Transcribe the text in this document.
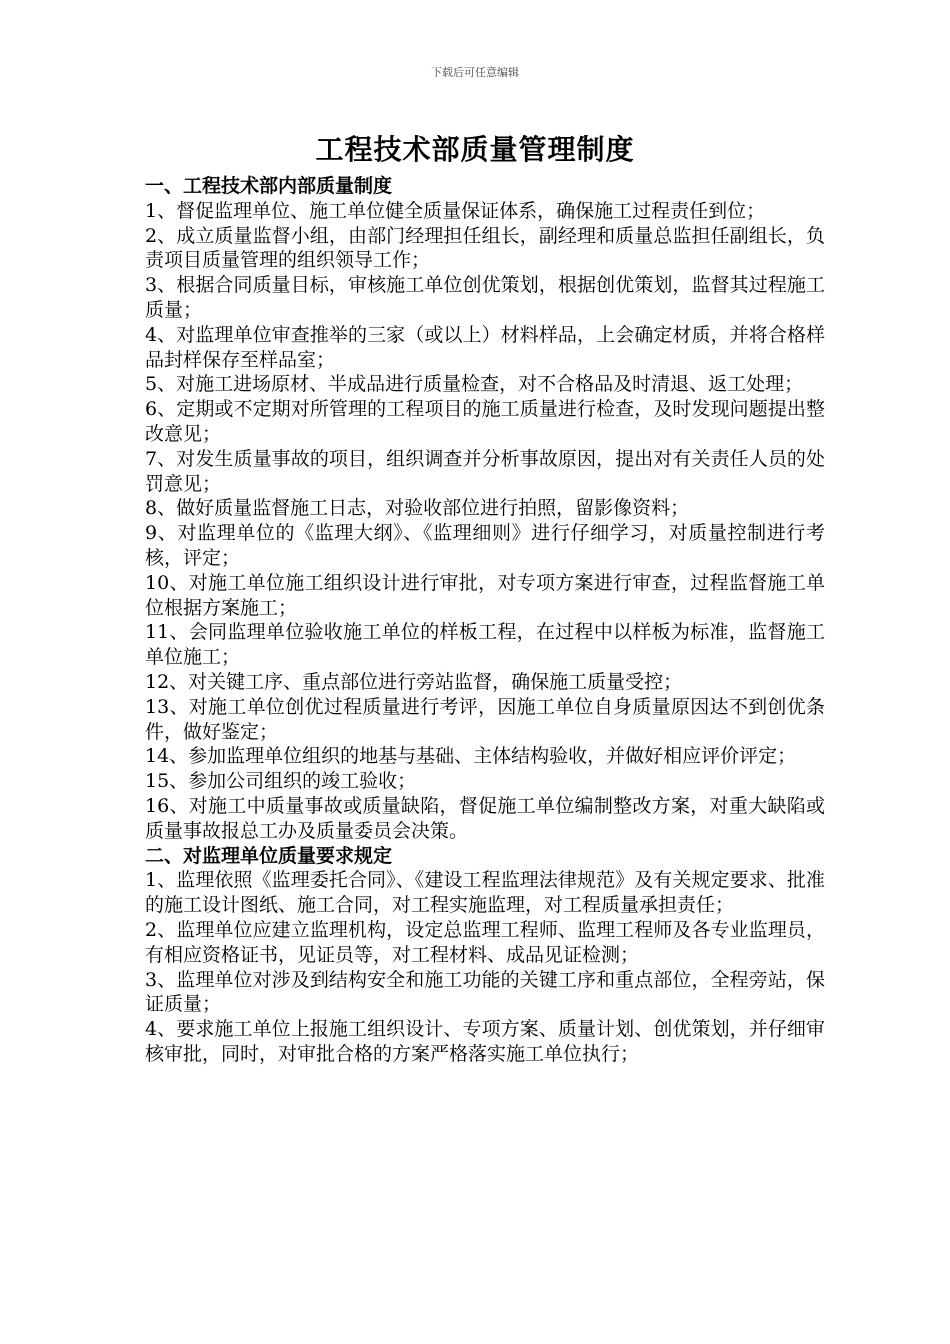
下载后可任意编辑
工程技术部质量管理制度
一、工程技术部内部质量制度

1、督促监理单位、施工单位健全质量保证体系，确保施工过程责任到位；

2、成立质量监督小组，由部门经理担任组长，副经理和质量总监担任副组长，负责项目质量管理的组织领导工作；

3、根据合同质量目标，审核施工单位创优策划，根据创优策划，监督其过程施工质量；

4、对监理单位审查推举的三家（或以上）材料样品，上会确定材质，并将合格样品封样保存至样品室；

5、对施工进场原材、半成品进行质量检查，对不合格品及时清退、返工处理；

6、定期或不定期对所管理的工程项目的施工质量进行检查，及时发现问题提出整改意见；

7、对发生质量事故的项目，组织调查并分析事故原因，提出对有关责任人员的处罚意见；

8、做好质量监督施工日志，对验收部位进行拍照，留影像资料；

9、对监理单位的《监理大纲》、《监理细则》进行仔细学习，对质量控制进行考核，评定；

10、对施工单位施工组织设计进行审批，对专项方案进行审查，过程监督施工单位根据方案施工；

11、会同监理单位验收施工单位的样板工程，在过程中以样板为标准，监督施工单位施工；

12、对关键工序、重点部位进行旁站监督，确保施工质量受控；

13、对施工单位创优过程质量进行考评，因施工单位自身质量原因达不到创优条件，做好鉴定；

14、参加监理单位组织的地基与基础、主体结构验收，并做好相应评价评定；

15、参加公司组织的竣工验收；

16、对施工中质量事故或质量缺陷，督促施工单位编制整改方案，对重大缺陷或质量事故报总工办及质量委员会决策。

二、对监理单位质量要求规定

1、监理依照《监理委托合同》、《建设工程监理法律规范》及有关规定要求、批准的施工设计图纸、施工合同，对工程实施监理，对工程质量承担责任；

2、监理单位应建立监理机构，设定总监理工程师、监理工程师及各专业监理员，有相应资格证书，见证员等，对工程材料、成品见证检测；

3、监理单位对涉及到结构安全和施工功能的关键工序和重点部位，全程旁站，保证质量；

4、要求施工单位上报施工组织设计、专项方案、质量计划、创优策划，并仔细审核审批，同时，对审批合格的方案严格落实施工单位执行；
